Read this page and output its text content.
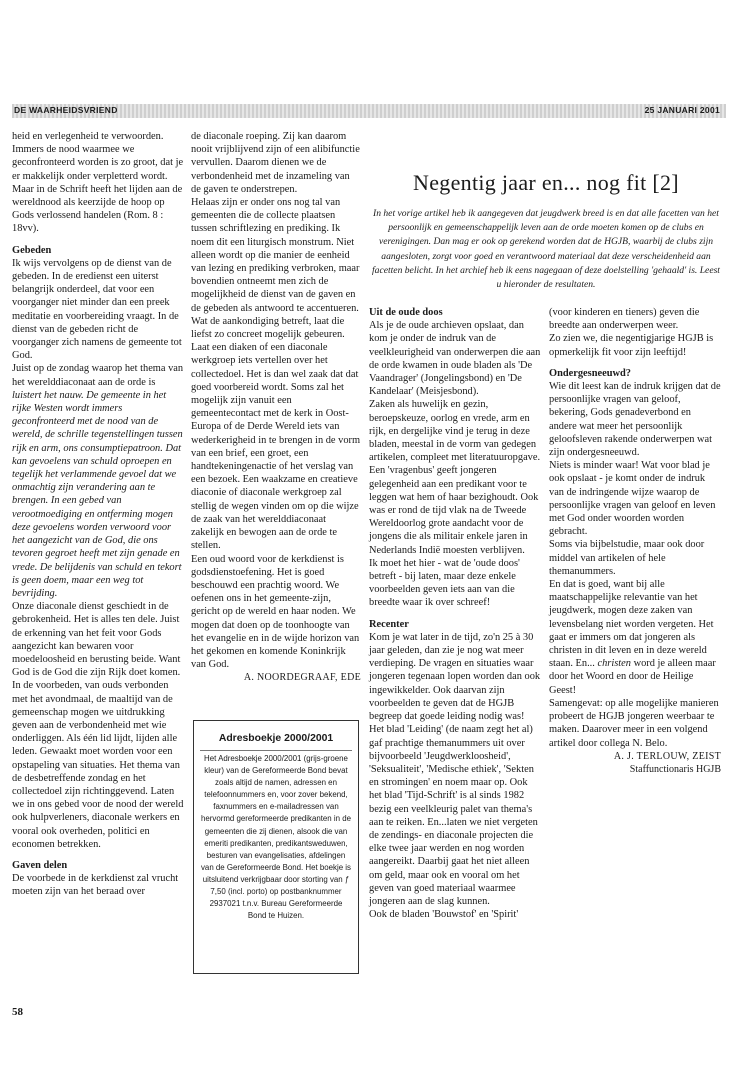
DE WAARHEIDSVRIEND	25 JANUARI 2001

heid en verlegenheid te verwoorden. Immers de nood waarmee we geconfronteerd worden is zo groot, dat je er makkelijk onder verpletterd wordt. Maar in de Schrift heeft het lijden aan de wereldnood als keerzijde de hoop op Gods verlossend handelen (Rom. 8 : 18vv).

Gebeden

Ik wijs vervolgens op de dienst van de gebeden. In de eredienst een uiterst belangrijk onderdeel, dat voor een voorganger niet minder dan een preek meditatie en voorbereiding vraagt. In de dienst van de gebeden richt de voorganger zich namens de gemeente tot God.

Juist op de zondag waarop het thema van het werelddiaconaat aan de orde is luistert het nauw. De gemeente in het rijke Westen wordt immers geconfronteerd met de nood van de wereld, de schrille tegenstellingen tussen rijk en arm, ons consumptiepatroon. Dat kan gevoelens van schuld oproepen en tegelijk het verlammende gevoel dat we onmachtig zijn verandering aan te brengen. In een gebed van verootmoediging en ontferming mogen deze gevoelens worden verwoord voor het aangezicht van de God, die ons tevoren gegroet heeft met zijn genade en vrede. De belijdenis van schuld en tekort is geen doem, maar een weg tot bevrijding.

Onze diaconale dienst geschiedt in de gebrokenheid. Het is alles ten dele. Juist de erkenning van het feit voor Gods aangezicht kan bewaren voor moedeloosheid en berusting beide. Want God is de God die zijn Rijk doet komen.

In de voorbeden, van ouds verbonden met het avondmaal, de maaltijd van de gemeenschap mogen we uitdrukking geven aan de verbondenheid met wie onderliggen. Als één lid lijdt, lijden alle leden. Gewaakt moet worden voor een opstapeling van situaties. Het thema van de desbetreffende zondag en het collectedoel zijn richtinggevend. Laten we in ons gebed voor de nood der wereld ook hulpverleners, diaconale werkers en vooral ook overheden, politici en economen betrekken.

Gaven delen

De voorbede in de kerkdienst zal vrucht moeten zijn van het beraad over

de diaconale roeping. Zij kan daarom nooit vrijblijvend zijn of een alibifunctie vervullen. Daarom dienen we de verbondenheid met de inzameling van de gaven te onderstrepen.

Helaas zijn er onder ons nog tal van gemeenten die de collecte plaatsen tussen schriftlezing en prediking. Ik noem dit een liturgisch monstrum. Niet alleen wordt op die manier de eenheid van lezing en prediking verbroken, maar bovendien ontneemt men zich de mogelijkheid de dienst van de gaven en de gebeden als antwoord te accentueren.

Wat de aankondiging betreft, laat die liefst zo concreet mogelijk gebeuren. Laat een diaken of een diaconale werkgroep iets vertellen over het collectedoel. Het is dan wel zaak dat dat goed voorbereid wordt. Soms zal het mogelijk zijn vanuit een gemeentecontact met de kerk in Oost-Europa of de Derde Wereld iets van wederkerigheid in te brengen in de vorm van een brief, een groet, een handtekeningenactie of het verslag van een bezoek. Een waakzame en creatieve diaconie of diaconale werkgroep zal stellig de wegen vinden om op die wijze de zaak van het werelddiaconaat zakelijk en bewogen aan de orde te stellen.

Een oud woord voor de kerkdienst is godsdienstoefening. Het is goed beschouwd een prachtig woord. We oefenen ons in het gemeente-zijn, gericht op de wereld en haar noden. We mogen dat doen op de toonhoogte van het evangelie en in de wijde horizon van het gekomen en komende Koninkrijk van God.

A. NOORDEGRAAF, EDE

Adresboekje 2000/2001
Het Adresboekje 2000/2001 (grijs-groene kleur) van de Gereformeerde Bond bevat zoals altijd de namen, adressen en telefoonnummers en, voor zover bekend, faxnummers en e-mailadressen van hervormd gereformeerde predikanten in de gemeenten die zij dienen, alsook die van emeriti predikanten, predikantsweduwen, besturen van evangelisaties, afdelingen van de Gereformeerde Bond. Het boekje is uitsluitend verkrijgbaar door storting van ƒ 7,50 (incl. porto) op postbanknummer 2937021 t.n.v. Bureau Gereformeerde Bond te Huizen.
Negentig jaar en... nog fit [2]
In het vorige artikel heb ik aangegeven dat jeugdwerk breed is en dat alle facetten van het persoonlijk en gemeenschappelijk leven aan de orde moeten komen op de clubs en verenigingen. Dan mag er ook op gerekend worden dat de HGJB, waarbij de clubs zijn aangesloten, zorgt voor goed en verantwoord materiaal dat deze verscheidenheid aan facetten belicht. In het archief heb ik eens nagegaan of deze doelstelling 'gehaald' is. Leest u hieronder de resultaten.
Uit de oude doos

Als je de oude archieven opslaat, dan kom je onder de indruk van de veelkleurigheid van onderwerpen die aan de orde kwamen in oude bladen als 'De Vaandrager' (Jongelingsbond) en 'De Kandelaar' (Meisjesbond).

Zaken als huwelijk en gezin, beroepskeuze, oorlog en vrede, arm en rijk, en dergelijke vind je terug in deze bladen, meestal in de vorm van gedegen artikelen, compleet met literatuuropgave. Een 'vragenbus' geeft jongeren gelegenheid aan een predikant voor te leggen wat hem of haar bezighoudt. Ook was er rond de tijd vlak na de Tweede Wereldoorlog grote aandacht voor de jongens die als militair enkele jaren in Nederlands Indië moesten verblijven.

Ik moet het hier - wat de 'oude doos' betreft - bij laten, maar deze enkele voorbeelden geven iets aan van die breedte waar ik over schreef!

Recenter

Kom je wat later in de tijd, zo'n 25 à 30 jaar geleden, dan zie je nog wat meer verdieping. De vragen en situaties waar jongeren tegenaan lopen worden dan ook ingewikkelder. Ook daarvan zijn voorbeelden te geven dat de HGJB begreep dat goede leiding nodig was! Het blad 'Leiding' (de naam zegt het al) gaf prachtige themanummers uit over bijvoorbeeld 'Jeugdwerkloosheid', 'Seksualiteit', 'Medische ethiek', 'Sekten en stromingen' en noem maar op. Ook het blad 'Tijd-Schrift' is al sinds 1982 bezig een veelkleurig palet van thema's aan te reiken. En...laten we niet vergeten de zendings- en diaconale projecten die elke twee jaar werden en nog worden aangereikt. Daarbij gaat het niet alleen om geld, maar ook en vooral om het geven van goed materiaal waarmee jongeren aan de slag kunnen.

Ook de bladen 'Bouwstof' en 'Spirit'

(voor kinderen en tieners) geven die breedte aan onderwerpen weer.

Zo zien we, die negentigjarige HGJB is opmerkelijk fit voor zijn leeftijd!

Ondergesneeuwd?

Wie dit leest kan de indruk krijgen dat de persoonlijke vragen van geloof, bekering, Gods genadeverbond en andere wat meer het persoonlijk geloofsleven rakende onderwerpen wat zijn ondergesneeuwd.

Niets is minder waar! Wat voor blad je ook opslaat - je komt onder de indruk van de indringende wijze waarop de persoonlijke vragen van geloof en leven met God onder woorden worden gebracht.

Soms via bijbelstudie, maar ook door middel van artikelen of hele themanummers.

En dat is goed, want bij alle maatschappelijke relevantie van het jeugdwerk, mogen deze zaken van levensbelang niet worden vergeten. Het gaat er immers om dat jongeren als christen in dit leven en in deze wereld staan. En... christen word je alleen maar door het Woord en door de Heilige Geest!

Samengevat: op alle mogelijke manieren probeert de HGJB jongeren weerbaar te maken. Daarover meer in een volgend artikel door collega N. Belo.

A. J. TERLOUW, ZEIST

Staffunctionaris HGJB

58
